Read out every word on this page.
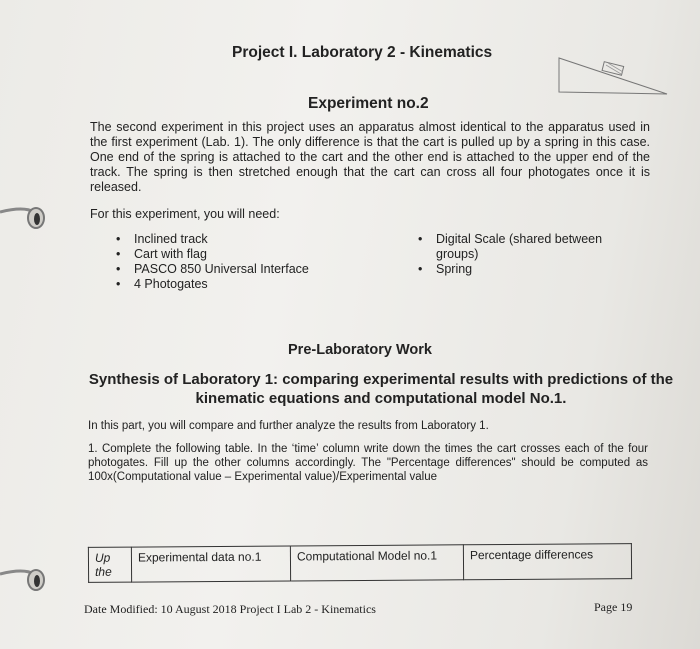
Project I. Laboratory 2 - Kinematics
Experiment no.2
The second experiment in this project uses an apparatus almost identical to the apparatus used in the first experiment (Lab. 1). The only difference is that the cart is pulled up by a spring in this case. One end of the spring is attached to the cart and the other end is attached to the upper end of the track. The spring is then stretched enough that the cart can cross all four photogates once it is released.
For this experiment, you will need:
• Inclined track
• Cart with flag
• PASCO 850 Universal Interface
• 4 Photogates
• Digital Scale (shared between groups)
• Spring
Pre-Laboratory Work
Synthesis of Laboratory 1: comparing experimental results with predictions of the kinematic equations and computational model No.1.
In this part, you will compare and further analyze the results from Laboratory 1.
1. Complete the following table. In the ‘time’ column write down the times the cart crosses each of the four photogates. Fill up the other columns accordingly. The "Percentage differences" should be computed as 100x(Computational value – Experimental value)/Experimental value
Up the	Experimental data no.1	Computational Model no.1	Percentage differences
Date Modified: 10 August 2018 Project I Lab 2 - Kinematics	Page 19
